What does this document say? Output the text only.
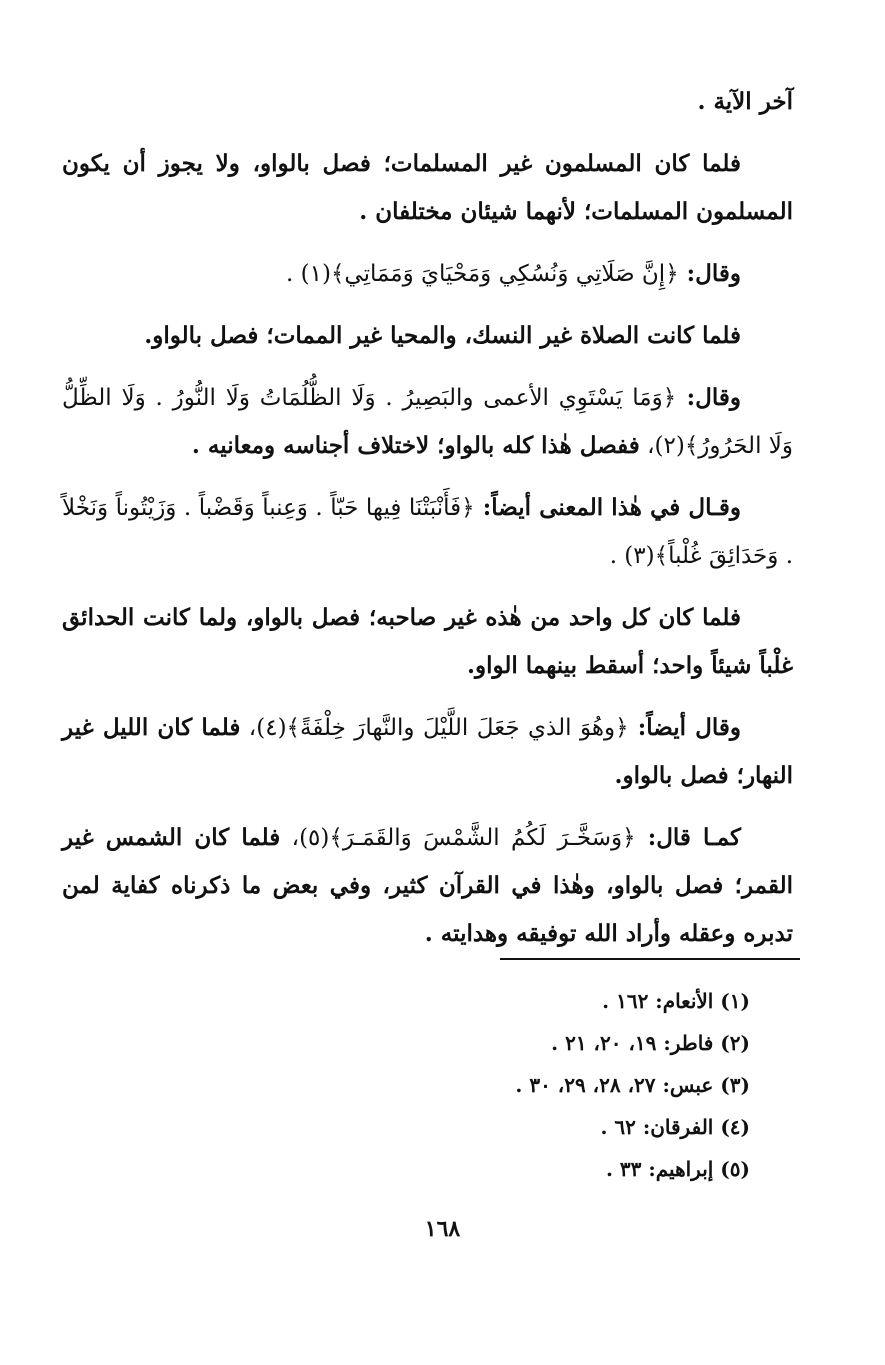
آخر الآية .

فلما كان المسلمون غير المسلمات؛ فصل بالواو، ولا يجوز أن يكون المسلمون المسلمات؛ لأنهما شيئان مختلفان .

وقال: ﴿إِنَّ صَلَاتِي وَنُسُكِي وَمَحْيَايَ وَمَمَاتِي﴾(١) .

فلما كانت الصلاة غير النسك، والمحيا غير الممات؛ فصل بالواو.

وقال: ﴿وَمَا يَسْتَوِي الأعمى والبَصِيرُ . وَلَا الظُّلُمَاتُ وَلَا النُّورُ . وَلَا الظِّلُّ وَلَا الحَرُورُ﴾(٢)، ففصل هٰذا كله بالواو؛ لاختلاف أجناسه ومعانيه .

وقـال في هٰذا المعنى أيضاً: ﴿فَأَنْبَتْنَا فِيها حَبّاً . وَعِنباً وَقَضْباً . وَزَيْتُوناً وَنَخْلاً . وَحَدَائِقَ غُلْباً﴾(٣) .

فلما كان كل واحد من هٰذه غير صاحبه؛ فصل بالواو، ولما كانت الحدائق غلْباً شيئاً واحد؛ أسقط بينهما الواو.

وقال أيضاً: ﴿وهُوَ الذي جَعَلَ اللَّيْلَ والنَّهارَ خِلْفَةً﴾(٤)، فلما كان الليل غير النهار؛ فصل بالواو.

كمـا قال: ﴿وَسَخَّـرَ لَكُمُ الشَّمْسَ وَالقَمَـرَ﴾(٥)، فلما كان الشمس غير القمر؛ فصل بالواو، وهٰذا في القرآن كثير، وفي بعض ما ذكرناه كفاية لمن تدبره وعقله وأراد الله توفيقه وهدايته .

(١) الأنعام: ١٦٢ .
(٢) فاطر: ١٩، ٢٠، ٢١ .
(٣) عبس: ٢٧، ٢٨، ٢٩، ٣٠ .
(٤) الفرقان: ٦٢ .
(٥) إبراهيم: ٣٣ .
١٦٨
